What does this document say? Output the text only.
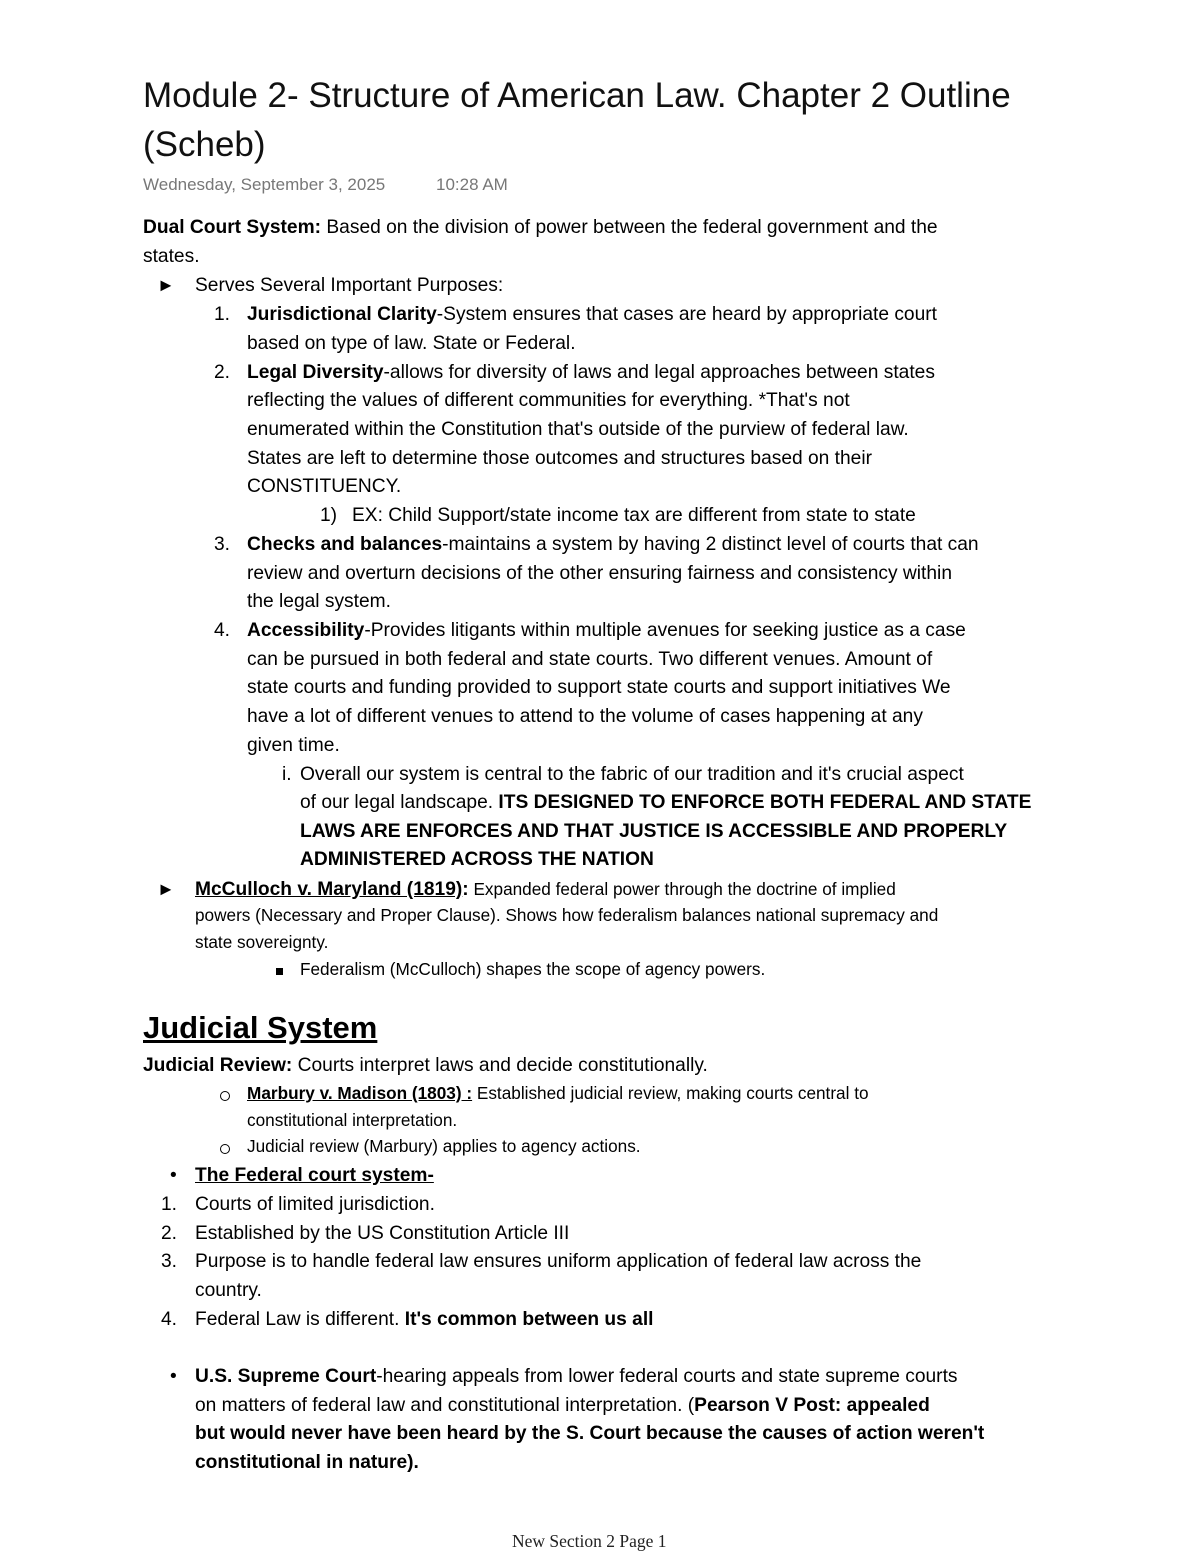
Module 2- Structure of American Law. Chapter 2 Outline
(Scheb)
Wednesday, September 3, 2025	10:28 AM
Dual Court System: Based on the division of power between the federal government and the
states.
► Serves Several Important Purposes:
1. Jurisdictional Clarity-System ensures that cases are heard by appropriate court
based on type of law. State or Federal.
2. Legal Diversity-allows for diversity of laws and legal approaches between states
reflecting the values of different communities for everything. *That's not
enumerated within the Constitution that's outside of the purview of federal law.
States are left to determine those outcomes and structures based on their
CONSTITUENCY.
1) EX: Child Support/state income tax are different from state to state
3. Checks and balances-maintains a system by having 2 distinct level of courts that can
review and overturn decisions of the other ensuring fairness and consistency within
the legal system.
4. Accessibility-Provides litigants within multiple avenues for seeking justice as a case
can be pursued in both federal and state courts. Two different venues. Amount of
state courts and funding provided to support state courts and support initiatives We
have a lot of different venues to attend to the volume of cases happening at any
given time.
i. Overall our system is central to the fabric of our tradition and it's crucial aspect
of our legal landscape. ITS DESIGNED TO ENFORCE BOTH FEDERAL AND STATE
LAWS ARE ENFORCES AND THAT JUSTICE IS ACCESSIBLE AND PROPERLY
ADMINISTERED ACROSS THE NATION
► McCulloch v. Maryland (1819): Expanded federal power through the doctrine of implied
powers (Necessary and Proper Clause). Shows how federalism balances national supremacy and
state sovereignty.
Federalism (McCulloch) shapes the scope of agency powers.
Judicial System
Judicial Review: Courts interpret laws and decide constitutionally.
Marbury v. Madison (1803) : Established judicial review, making courts central to
constitutional interpretation.
Judicial review (Marbury) applies to agency actions.
• The Federal court system-
1. Courts of limited jurisdiction.
2. Established by the US Constitution Article III
3. Purpose is to handle federal law ensures uniform application of federal law across the
country.
4. Federal Law is different. It's common between us all
• U.S. Supreme Court-hearing appeals from lower federal courts and state supreme courts
on matters of federal law and constitutional interpretation. (Pearson V Post: appealed
but would never have been heard by the S. Court because the causes of action weren't
constitutional in nature).
New Section 2 Page 1
